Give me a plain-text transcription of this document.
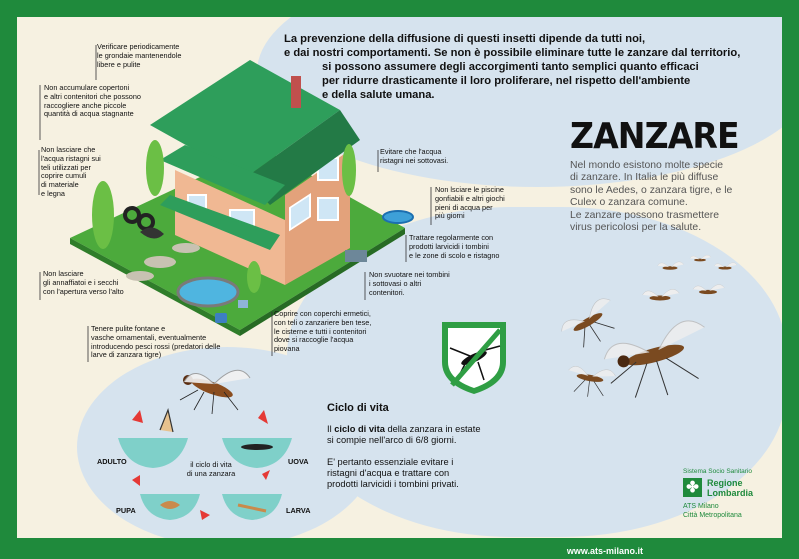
La prevenzione della diffusione di questi insetti dipende da tutti noi,
e dai nostri comportamenti. Se non è possibile eliminare tutte le zanzare dal territorio,
si possono assumere degli accorgimenti tanto semplici quanto efficaci
per ridurre drasticamente il loro proliferare, nel rispetto dell'ambiente
e della salute umana.
ZANZARE
Nel mondo esistono molte specie
di zanzare. In Italia le più diffuse
sono le Aedes, o zanzara tigre, e le
Culex o zanzara comune.
Le zanzare possono trasmettere
virus pericolosi per la salute.
Verificare periodicamente
le grondaie mantenendole
libere e pulite
Non accumulare copertoni
e altri contenitori che possono
raccogliere anche piccole
quantità di acqua stagnante
Non lasciare che
l'acqua ristagni sui
teli utilizzati per
coprire cumuli
di materiale
e legna
Evitare che l'acqua
ristagni nei sottovasi.
Non lsciare le piscine
gonfiabili e altri giochi
pieni di acqua per
più giorni
Trattare regolarmente con
prodotti larvicidi i tombini
e le zone di scolo e ristagno
Non lasciare
gli annaffiatoi e i secchi
con l'apertura verso l'alto
Non svuotare nei tombini
i sottovasi o altri
contenitori.
Tenere pulite fontane e
vasche ornamentali, eventualmente
introducendo pesci rossi (predatori delle
larve di zanzara tigre)
Coprire con coperchi ermetici,
con teli o zanzariere ben tese,
le cisterne e tutti i contenitori
dove si raccoglie l'acqua
piovana
Ciclo di vita
Il ciclo di vita della zanzara in estate
si compie nell'arco di 6/8 giorni.
E' pertanto essenziale evitare i
ristagni d'acqua e trattare con
prodotti larvicidi i tombini privati.
ADULTO	UOVA
PUPA	LARVA
il ciclo di vita
di una zanzara	Sistema Socio Sanitario
✤ Regione
Lombardia
ATS Milano
Città Metropolitana
www.ats-milano.it
